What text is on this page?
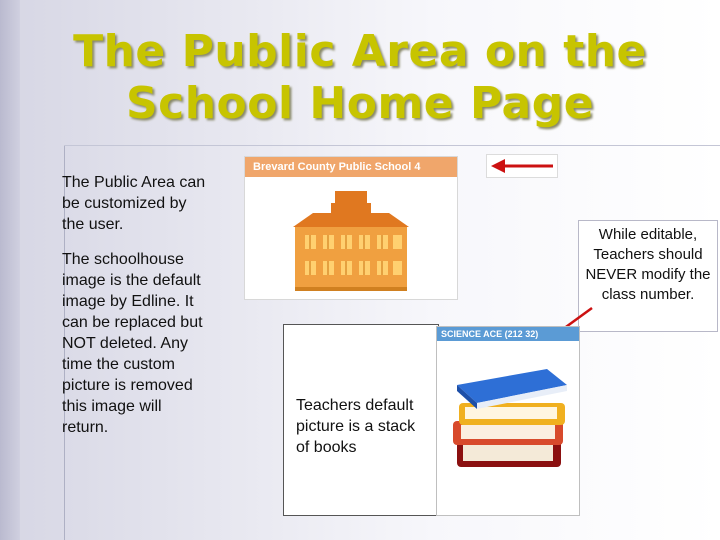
The Public Area on the
School Home Page

The Public Area can be customized by the user.

The schoolhouse image is the default image by Edline. It can be replaced but NOT deleted. Any time the custom picture is removed this image will return.

Brevard County Public School 4
While editable, Teachers should NEVER modify the class number.
Teachers default picture is a stack of books
SCIENCE ACE (212 32)
